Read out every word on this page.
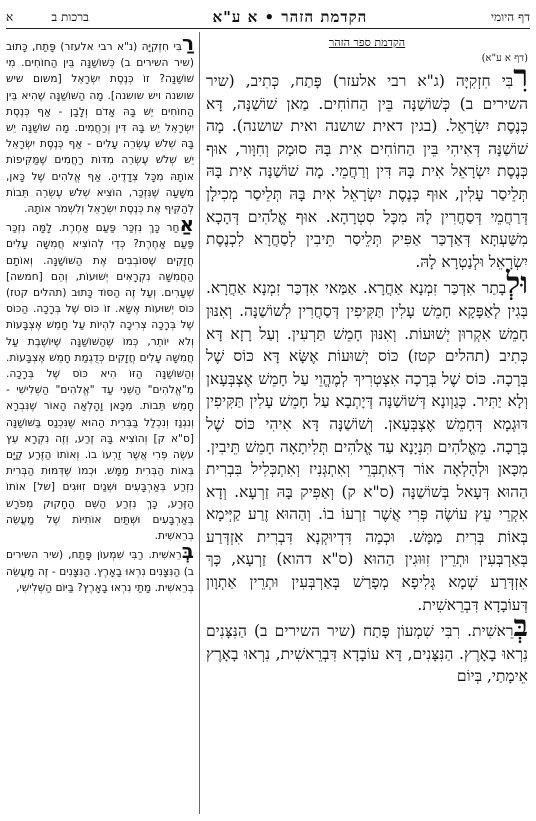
דף היומי
הקדמת הזהר • א ע"א
ברכות ב          א
הקדמת ספר הזהר
(דף א ע"א)

רִבִּי חִזְקִיָּה (ג"א רבי אלעזר) פָּתַח, כְּתִיב, (שיר השירים ב) כְּשׁוֹשַׁנָּה בֵּין הַחוֹחִים. מַאן שׁוֹשַׁנָּה, דָּא כְּנֶסֶת יִשְׂרָאֵל. (בגין דאית שושנה ואית שושנה). מָה שׁוֹשַׁנָּה דְּאִיהִי בֵּין הַחוֹחִים אִית בָּהּ סוּמָק וְחִוָּור, אוּף כְּנֶסֶת יִשְׂרָאֵל אִית בָּהּ דִּין וְרַחֲמֵי. מָה שׁוֹשַׁנָּה אִית בָּהּ תְּלֵיסַר עָלִין, אוּף כְּנֶסֶת יִשְׂרָאֵל אִית בָּהּ תְּלֵיסַר מְכִילָן דְּרַחֲמֵי דְּסַחֲרִין לָהּ מִכָּל סִטְרָהָא. אוּף אֱלֹהִים דְּהָכָא מִשַּׁעְתָּא דְּאַדְכַּר אַפִּיק תְּלֵיסַר תֵּיבִין לְסַחֲרָא לִכְנֶסֶת יִשְׂרָאֵל וּלְנַטְרָא לָהּ.

וּלְבָתַר אִדְכַּר זִמְנָא אַחֲרָא. אַמַּאי אִדְכַּר זִמְנָא אַחֲרָא. בְּגִין לְאַפָּקָא חָמֵשׁ עָלִין תַּקִּיפִין דְּסַחֲרִין לְשׁוֹשַׁנָּה. וְאִנּוּן חָמֵשׁ אִקְרוּן יְשׁוּעוֹת. וְאִנּוּן חָמֵשׁ תַּרְעִין. וְעַל רָזָא דָּא כְּתִיב (תהלים קטז) כּוֹס יְשׁוּעוֹת אֶשָּׂא דָּא כּוֹס שֶׁל בְּרָכָה. כּוֹס שֶׁל בְּרָכָה אִצְטְרִיךְ לְמֶהֱוֵי עַל חָמֵשׁ אֶצְבְּעָאן וְלָא יַתִּיר. כְּגַוְונָא דְּשׁוֹשַׁנָּה דְּיָתְבָא עַל חָמֵשׁ עָלִין תַּקִּיפִין דּוּגְמָא דְּחָמֵשׁ אֶצְבְּעָאן. וְשׁוֹשַׁנָּה דָּא אִיהִי כּוֹס שֶׁל בְּרָכָה. מֵאֱלֹהִים תִּנְיָנָא עַד אֱלֹהִים תְּלִיתָאָה חָמֵשׁ תֵּיבִין. מִכָּאן וּלְהָלְאָה אוֹר דְּאִתְבְּרֵי וְאִתְגְּנִיז וְאִתְכְּלִיל בִּבְרִית הַהוּא דְּעָאל בְּשׁוֹשַׁנָּה (ס"א ק) וְאַפִּיק בָּהּ זַרְעָא. וְדָא אִקְרֵי עֵץ עוֹשֶׂה פְּרִי אֲשֶׁר זַרְעוֹ בוֹ. וְהַהוּא זֶרַע קַיְּימָא בְּאוֹת בְּרִית מַמָּשׁ. וּכְמָה דִּדְיוּקְנָא דִּבְרִית אִזְדְּרַע בְּאַרְבְּעִין וּתְרֵין זִוּוּגִין הַהוּא (ס"א דהוא) זַרְעָא, כָּךְ אִזְדְּרַע שְׁמָא גְּלִיפָא מְפָרַשׁ בְּאַרְבְּעִין וּתְרֵין אַתְוָון דְּעוֹבָדָא דִּבְרֵאשִׁית.

בְּרֵאשִׁית. רִבִּי שִׁמְעוֹן פָּתַח (שיר השירים ב) הַנִּצָּנִים נִרְאוּ בָאָרֶץ. הַנִּצָּנִים, דָּא עוֹבָדָא דִּבְרֵאשִׁית, נִרְאוּ בָאָרֶץ אֵימָתַי, בְּיוֹם

רַבִּי חִזְקִיָּה (נ"א רבי אלעזר) פָּתַח, כָּתוּב (שיר השירים ב) כְּשׁוֹשַׁנָּה בֵּין הַחוֹחִים. מִי שׁוֹשַׁנָּה? זוֹ כְּנֶסֶת יִשְׂרָאֵל [משום שיש שושנה ויש שושנה]. מָה הַשּׁוֹשַׁנָּה שֶׁהִיא בֵּין הַחוֹחִים יֵשׁ בָּהּ אָדֹם וְלָבָן - אַף כְּנֶסֶת יִשְׂרָאֵל יֵשׁ בָּהּ דִּין וְרַחֲמִים. מָה שׁוֹשַׁנָּה יֵשׁ בָּהּ שְׁלֹשׁ עֶשְׂרֵה עָלִים - אַף כְּנֶסֶת יִשְׂרָאֵל יֵשׁ שְׁלֹשׁ עֶשְׂרֵה מִדּוֹת רַחֲמִים שֶׁמַּקִּיפוֹת אוֹתָהּ מִכָּל צְדָדֶיהָ. אַף אֱלֹהִים שֶׁל כָּאן, מִשָּׁעָה שֶׁנִּזְכַּר, הוֹצִיא שְׁלֹשׁ עֶשְׂרֵה תֵּבוֹת לְהַקִּיף אֶת כְּנֶסֶת יִשְׂרָאֵל וְלִשְׁמֹר אוֹתָהּ.

אַחַר כָּךְ נִזְכַּר פַּעַם אַחֶרֶת. לָמָּה נִזְכַּר פַּעַם אַחֶרֶת? כְּדֵי לְהוֹצִיא חֲמִשָּׁה עָלִים חֲזָקִים שֶׁסּוֹבְבִים אֶת הַשּׁוֹשַׁנָּה. וְאוֹתָם הַחֲמִשָּׁה נִקְרָאִים יְשׁוּעוֹת, וְהֵם [חמשה] שְׁעָרִים. וְעַל זֶה הַסּוֹד כָּתוּב (תהלים קטז) כּוֹס יְשׁוּעוֹת אֶשָּׂא. זוֹ כּוֹס שֶׁל בְּרָכָה. הַכּוֹס שֶׁל בְּרָכָה צְרִיכָה לִהְיוֹת עַל חָמֵשׁ אֶצְבָּעוֹת וְלֹא יוֹתֵר, כְּמוֹ שֶׁהַשּׁוֹשַׁנָּה שֶׁיּוֹשֶׁבֶת עַל חֲמִשָּׁה עָלִים חֲזָקִים כְּדֻגְמַת חָמֵשׁ אֶצְבָּעוֹת. וְהַשּׁוֹשַׁנָּה הַזּוֹ הִיא כּוֹס שֶׁל בְּרָכָה. מֵ"אֱלֹהִים" הַשֵּׁנִי עַד "אֱלֹהִים" הַשְּׁלִישִׁי - חָמֵשׁ תֵּבוֹת. מִכָּאן וָהָלְאָה הָאוֹר שֶׁנִּבְרָא וְנִגְנַז וְנִכְלַל בַּבְּרִית הַהוּא שֶׁנִּכְנַס בַּשּׁוֹשַׁנָּה [ס"א ק] וְהוֹצִיא בָּהּ זֶרַע, וְזֶה נִקְרָא עֵץ עֹשֶׂה פְּרִי אֲשֶׁר זַרְעוֹ בוֹ. וְאוֹתוֹ הַזֶּרַע קַיָּם בְּאוֹת הַבְּרִית מַמָּשׁ. וּכְמוֹ שֶׁדְּמוּת הַבְּרִית נִזְרַע בְּאַרְבָּעִים וּשְׁנַיִם זִוּוּגִים [של] אוֹתוֹ הַזֶּרַע, כָּךְ נִזְרַע הַשֵּׁם הַחָקוּק מְפֹרָשׁ בְּאַרְבָּעִים וּשְׁתַּיִם אוֹתִיּוֹת שֶׁל מַעֲשֵׂה בְרֵאשִׁית.

בְּרֵאשִׁית. רַבִּי שִׁמְעוֹן פָּתַח, (שיר השירים ב) הַנִּצָּנִים נִרְאוּ בָאָרֶץ. הַנִּצָּנִים - זֶה מַעֲשֵׂה בְרֵאשִׁית. מָתַי נִרְאוּ בָאָרֶץ? בַּיּוֹם הַשְּׁלִישִׁי,
